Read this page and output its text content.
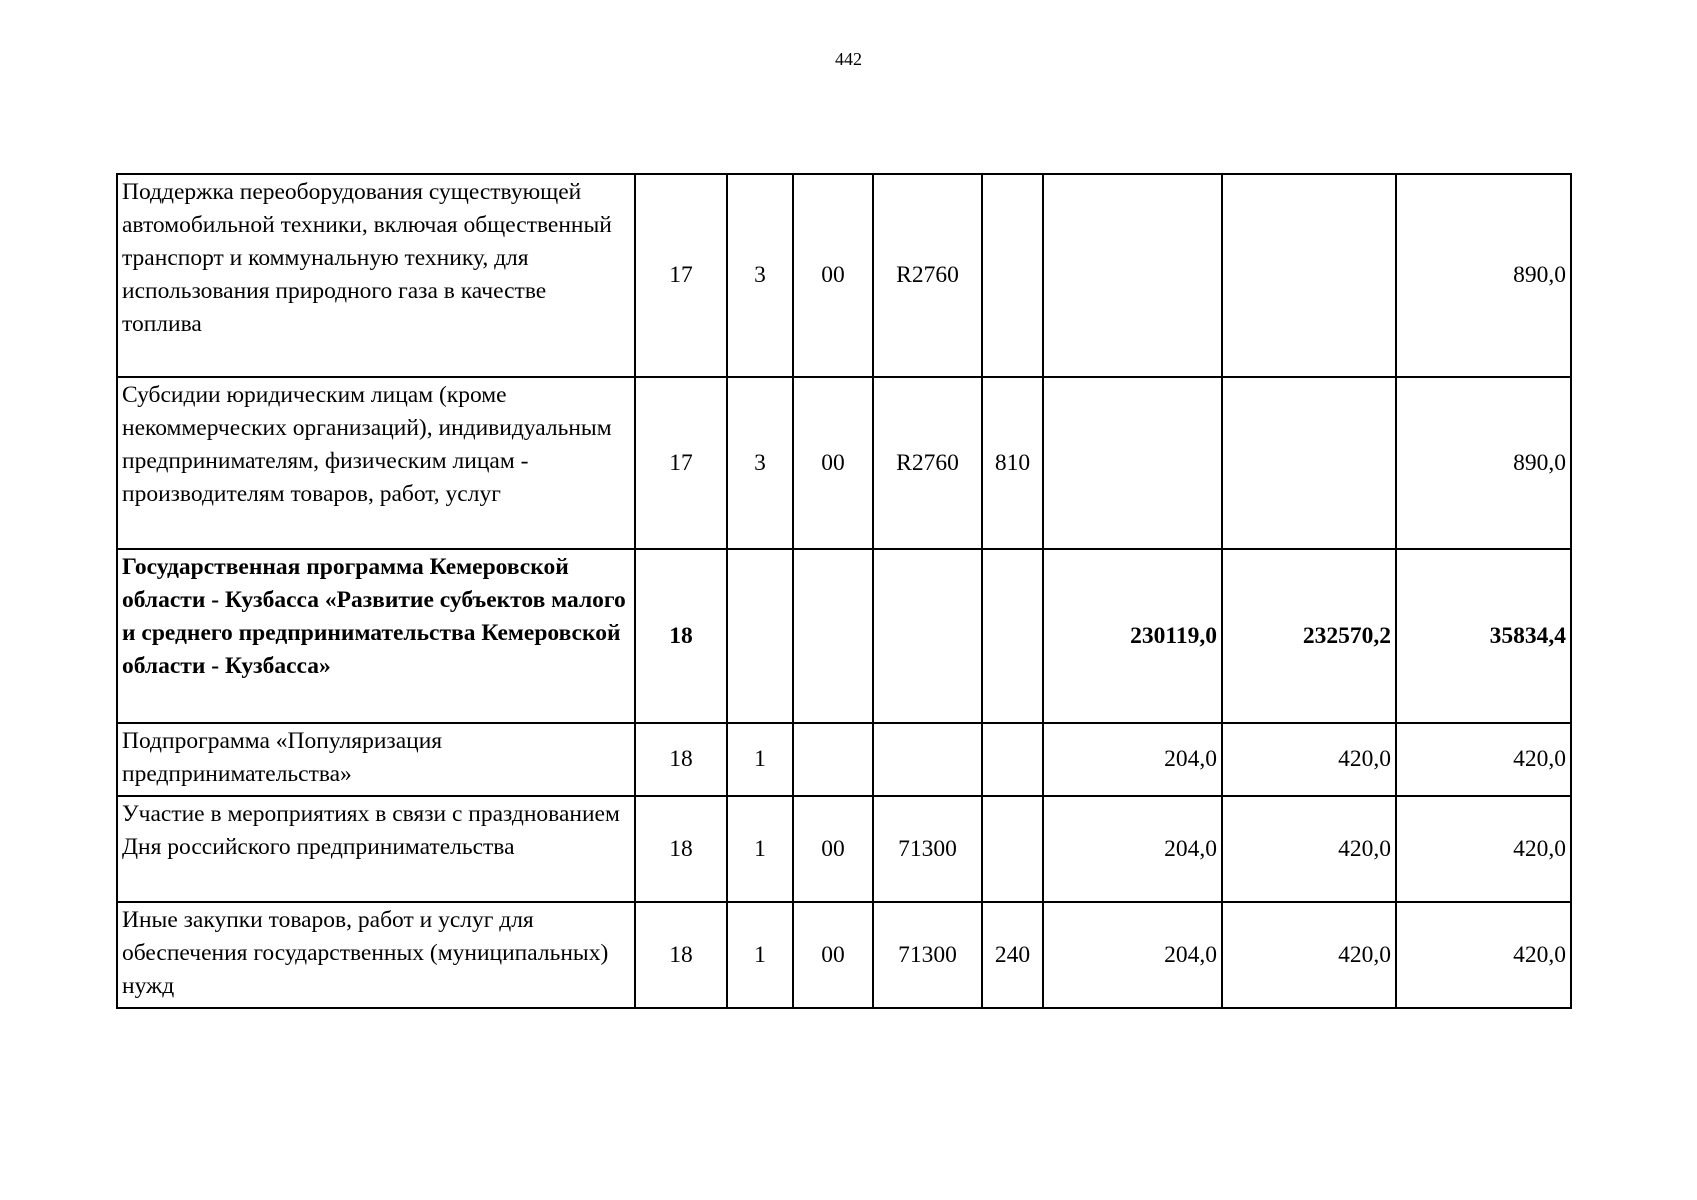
442
Поддержка переоборудования существующей автомобильной техники, включая общественный транспорт и коммунальную технику, для использования природного газа в качестве топлива	17	3	00	R2760				890,0
Субсидии юридическим лицам (кроме некоммерческих организаций), индивидуальным предпринимателям, физическим лицам - производителям товаров, работ, услуг	17	3	00	R2760	810			890,0
Государственная программа Кемеровской области - Кузбасса «Развитие субъектов малого и среднего предпринимательства Кемеровской области - Кузбасса»	18					230119,0	232570,2	35834,4
Подпрограмма «Популяризация предпринимательства»	18	1				204,0	420,0	420,0
Участие в мероприятиях в связи с празднованием Дня российского предпринимательства	18	1	00	71300		204,0	420,0	420,0
Иные закупки товаров, работ и услуг для обеспечения государственных (муниципальных) нужд	18	1	00	71300	240	204,0	420,0	420,0
